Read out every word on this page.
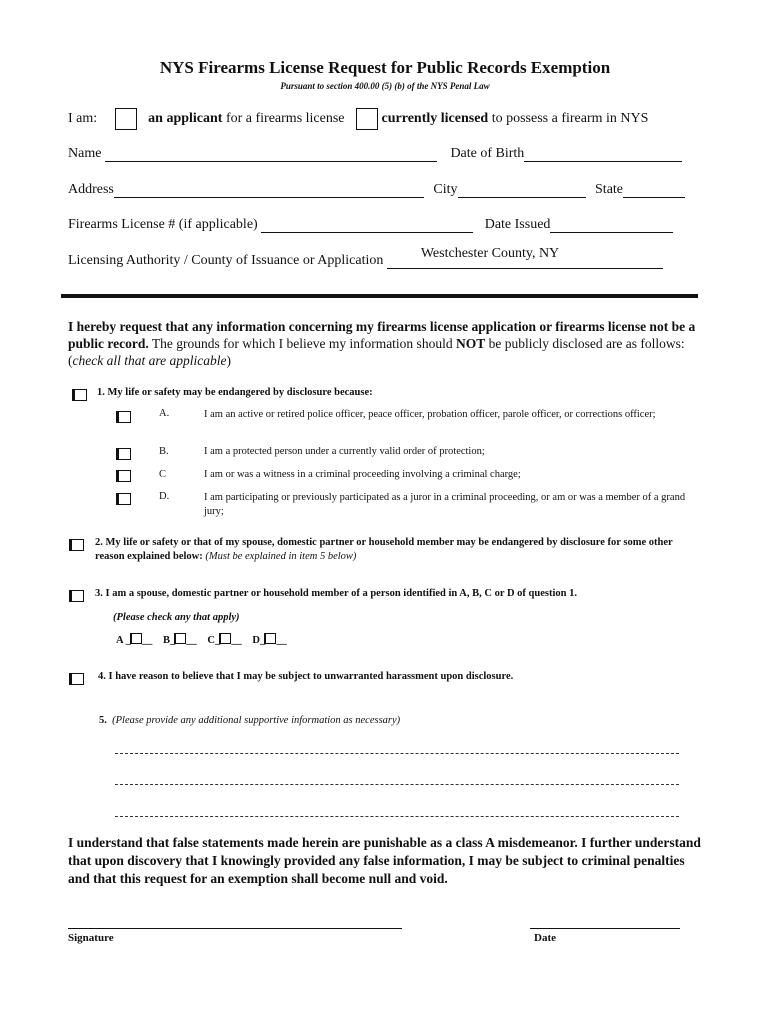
NYS Firearms License Request for Public Records Exemption
Pursuant to section 400.00 (5) (b) of the NYS Penal Law
I am:	an applicant for a firearms license	currently licensed to possess a firearm in NYS
Name	Date of Birth
Address	City	State
Firearms License # (if applicable)	Date Issued
Licensing Authority / County of Issuance or Application	Westchester County, NY
I hereby request that any information concerning my firearms license application or firearms license not be a public record. The grounds for which I believe my information should NOT be publicly disclosed are as follows: (check all that are applicable)
1. My life or safety may be endangered by disclosure because:
A.	I am an active or retired police officer, peace officer, probation officer, parole officer, or corrections officer;
B.	I am a protected person under a currently valid order of protection;
C	I am or was a witness in a criminal proceeding involving a criminal charge;
D.	I am participating or previously participated as a juror in a criminal proceeding, or am or was a member of a grand jury;
2. My life or safety or that of my spouse, domestic partner or household member may be endangered by disclosure for some other reason explained below: (Must be explained in item 5 below)
3. I am a spouse, domestic partner or household member of a person identified in A, B, C or D of question 1.
(Please check any that apply)
A _ __ B_ __ C_ __ D_ __
4. I have reason to believe that I may be subject to unwarranted harassment upon disclosure.
5. (Please provide any additional supportive information as necessary)
I understand that false statements made herein are punishable as a class A misdemeanor. I further understand that upon discovery that I knowingly provided any false information, I may be subject to criminal penalties and that this request for an exemption shall become null and void.
Signature	Date
